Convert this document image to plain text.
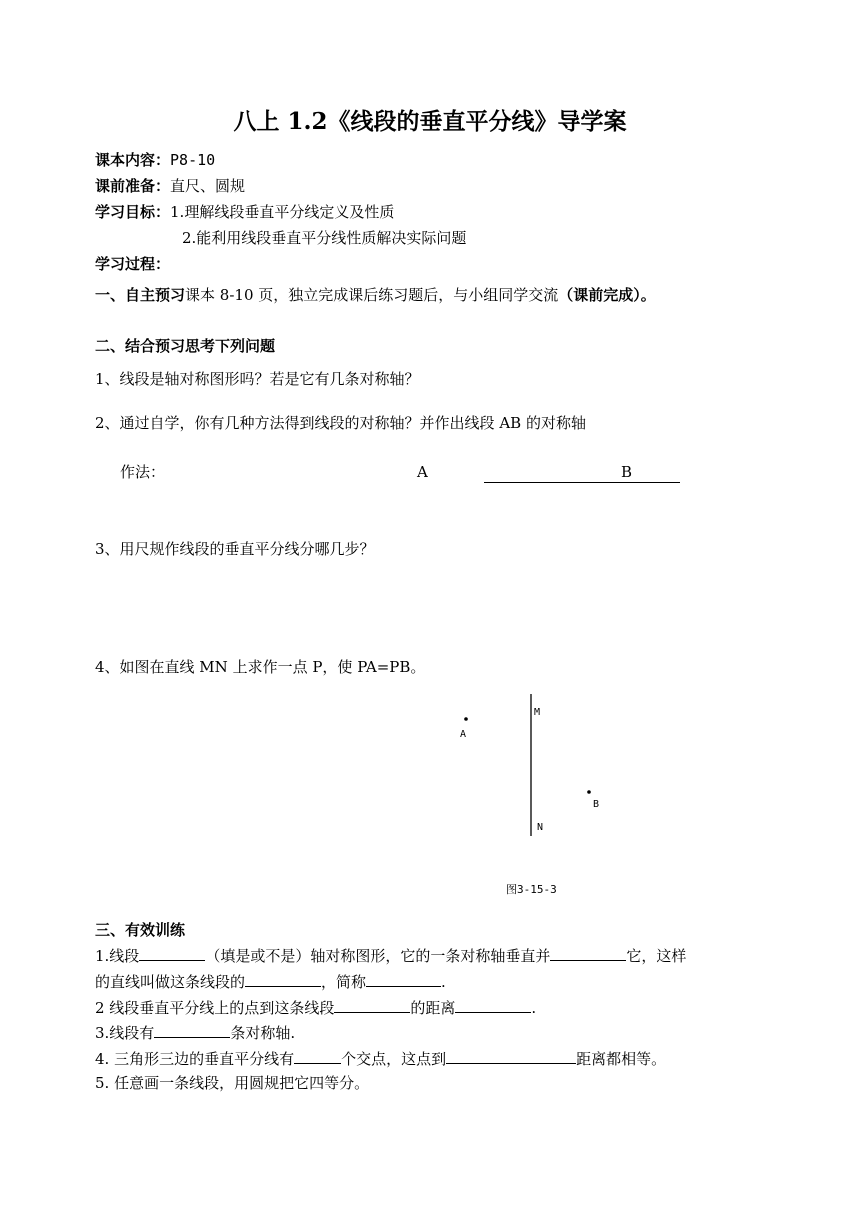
八上 1.2《线段的垂直平分线》导学案
课本内容：P8-10
课前准备：直尺、圆规
学习目标：1.理解线段垂直平分线定义及性质
2.能利用线段垂直平分线性质解决实际问题
学习过程：
一、自主预习课本 8-10 页，独立完成课后练习题后，与小组同学交流（课前完成）。
二、结合预习思考下列问题
1、线段是轴对称图形吗？若是它有几条对称轴？
2、通过自学，你有几种方法得到线段的对称轴？并作出线段 AB 的对称轴
作法：	A	B
3、用尺规作线段的垂直平分线分哪几步？
4、如图在直线 MN 上求作一点 P，使 PA=PB。
M
A
B
N
图3-15-3
三、有效训练
1.线段	（填是或不是）轴对称图形，它的一条对称轴垂直并	它，这样
的直线叫做这条线段的	，简称	.
2 线段垂直平分线上的点到这条线段	的距离	.
3.线段有	条对称轴.
4. 三角形三边的垂直平分线有	个交点，这点到	距离都相等。
5. 任意画一条线段，用圆规把它四等分。
